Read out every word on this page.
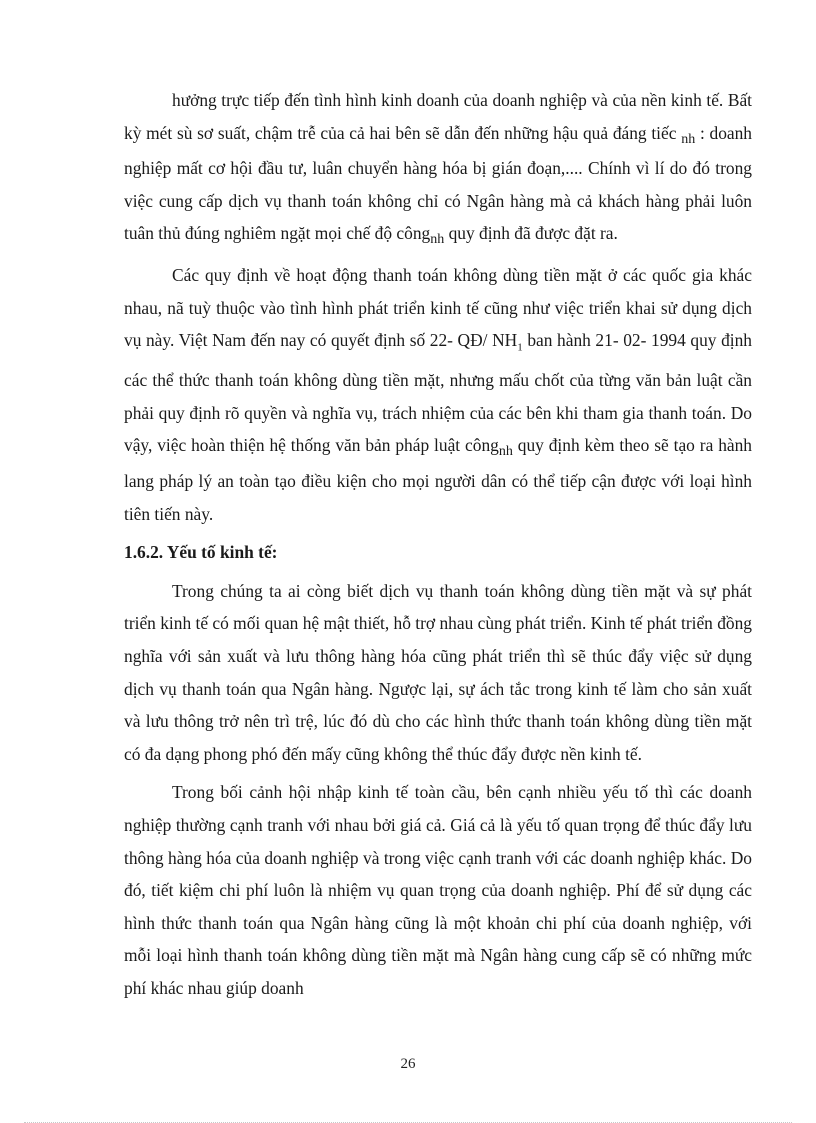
hưởng trực tiếp đến tình hình kinh doanh của doanh nghiệp và của nền kinh tế. Bất kỳ mét sù sơ suất, chậm trễ của cả hai bên sẽ dẫn đến những hậu quả đáng tiếc $_{nh}$ : doanh nghiệp mất cơ hội đầu tư, luân chuyển hàng hóa bị gián đoạn,.... Chính vì lí do đó trong việc cung cấp dịch vụ thanh toán không chỉ có Ngân hàng mà cả khách hàng phải luôn tuân thủ đúng nghiêm ngặt mọi chế độ công$_{nh}$ quy định đã được đặt ra.

Các quy định về hoạt động thanh toán không dùng tiền mặt ở các quốc gia khác nhau, nã tuỳ thuộc vào tình hình phát triển kinh tế cũng như việc triển khai sử dụng dịch vụ này. Việt Nam đến nay có quyết định số 22- QĐ/ $NH_1$ ban hành 21- 02- 1994 quy định các thể thức thanh toán không dùng tiền mặt, nhưng mấu chốt của từng văn bản luật cần phải quy định rõ quyền và nghĩa vụ, trách nhiệm của các bên khi tham gia thanh toán. Do vậy, việc hoàn thiện hệ thống văn bản pháp luật công$_{nh}$ quy định kèm theo sẽ tạo ra hành lang pháp lý an toàn tạo điều kiện cho mọi người dân có thể tiếp cận được với loại hình tiên tiến này.

1.6.2. Yếu tố kinh tế:

Trong chúng ta ai còng biết dịch vụ thanh toán không dùng tiền mặt và sự phát triển kinh tế có mối quan hệ mật thiết, hỗ trợ nhau cùng phát triển. Kinh tế phát triển đồng nghĩa với sản xuất và lưu thông hàng hóa cũng phát triển thì sẽ thúc đẩy việc sử dụng dịch vụ thanh toán qua Ngân hàng. Ngược lại, sự ách tắc trong kinh tế làm cho sản xuất và lưu thông trở nên trì trệ, lúc đó dù cho các hình thức thanh toán không dùng tiền mặt có đa dạng phong phó đến mấy cũng không thể thúc đẩy được nền kinh tế.

Trong bối cảnh hội nhập kinh tế toàn cầu, bên cạnh nhiều yếu tố thì các doanh nghiệp thường cạnh tranh với nhau bởi giá cả. Giá cả là yếu tố quan trọng để thúc đẩy lưu thông hàng hóa của doanh nghiệp và trong việc cạnh tranh với các doanh nghiệp khác. Do đó, tiết kiệm chi phí luôn là nhiệm vụ quan trọng của doanh nghiệp. Phí để sử dụng các hình thức thanh toán qua Ngân hàng cũng là một khoản chi phí của doanh nghiệp, với mỗi loại hình thanh toán không dùng tiền mặt mà Ngân hàng cung cấp sẽ có những mức phí khác nhau giúp doanh

26
